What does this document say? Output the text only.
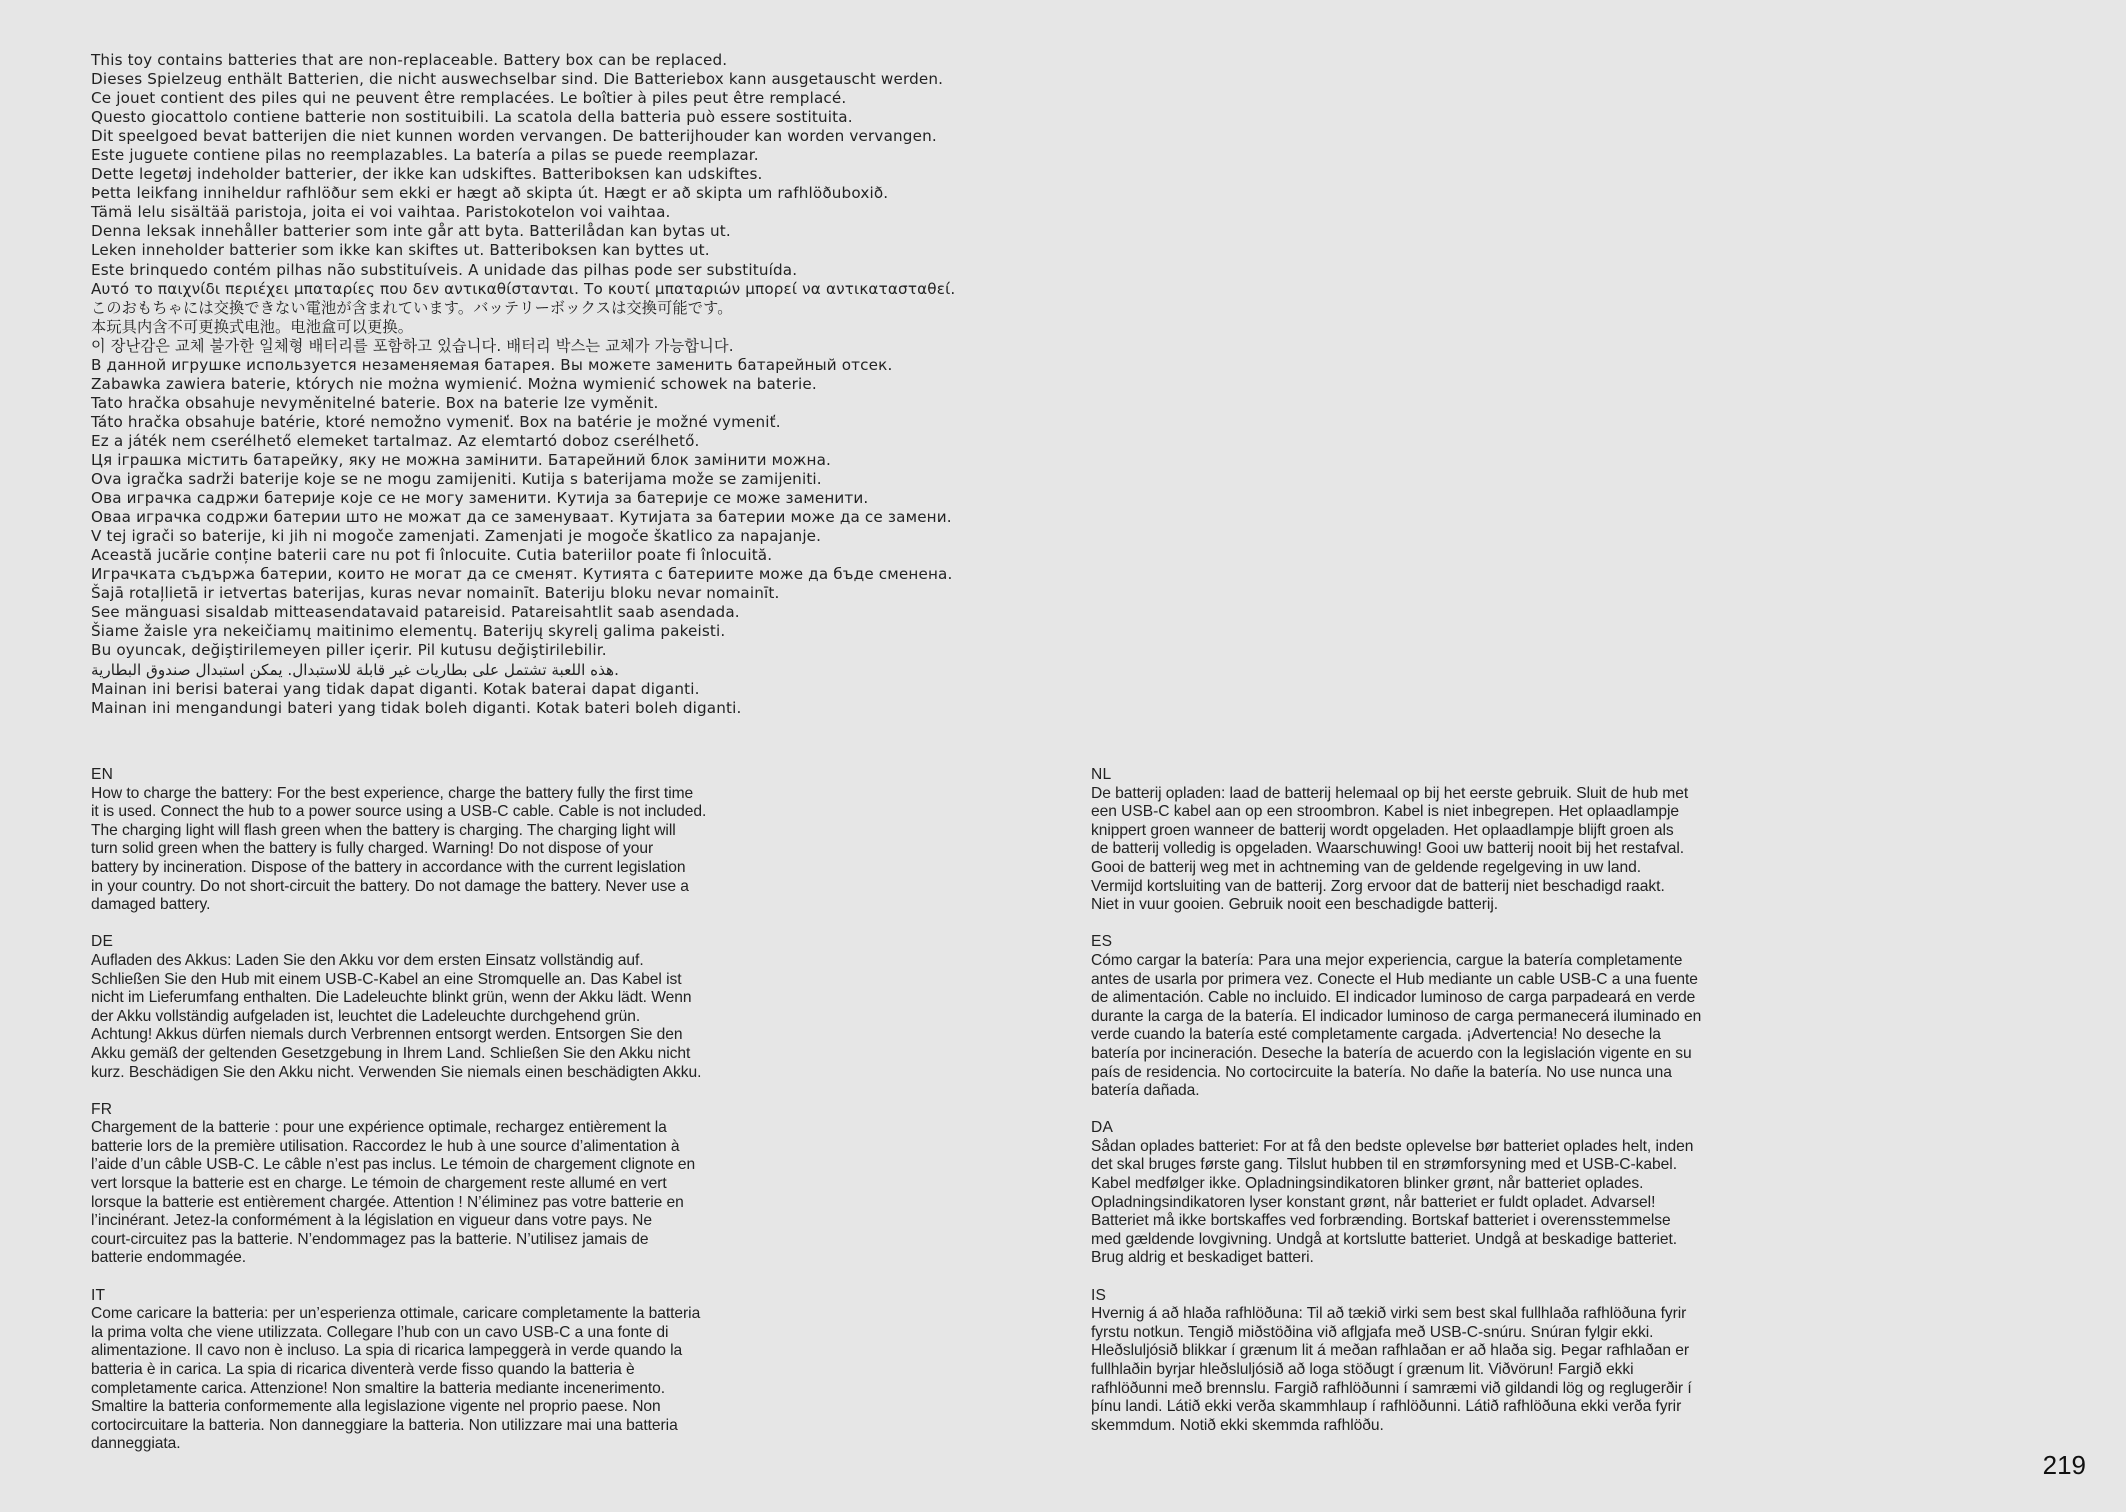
This toy contains batteries that are non-replaceable. Battery box can be replaced.
Dieses Spielzeug enthält Batterien, die nicht auswechselbar sind. Die Batteriebox kann ausgetauscht werden.
Ce jouet contient des piles qui ne peuvent être remplacées. Le boîtier à piles peut être remplacé.
Questo giocattolo contiene batterie non sostituibili. La scatola della batteria può essere sostituita.
Dit speelgoed bevat batterijen die niet kunnen worden vervangen. De batterijhouder kan worden vervangen.
Este juguete contiene pilas no reemplazables. La batería a pilas se puede reemplazar.
Dette legetøj indeholder batterier, der ikke kan udskiftes. Batteriboksen kan udskiftes.
Þetta leikfang inniheldur rafhlöður sem ekki er hægt að skipta út. Hægt er að skipta um rafhlöðuboxið.
Tämä lelu sisältää paristoja, joita ei voi vaihtaa. Paristokotelon voi vaihtaa.
Denna leksak innehåller batterier som inte går att byta. Batterilådan kan bytas ut.
Leken inneholder batterier som ikke kan skiftes ut. Batteriboksen kan byttes ut.
Este brinquedo contém pilhas não substituíveis. A unidade das pilhas pode ser substituída.
Αυτό το παιχνίδι περιέχει μπαταρίες που δεν αντικαθίστανται. Το κουτί μπαταριών μπορεί να αντικατασταθεί.
このおもちゃには交換できない電池が含まれています。バッテリーボックスは交換可能です。
本玩具内含不可更换式电池。电池盒可以更换。
이 장난감은 교체 불가한 일체형 배터리를 포함하고 있습니다. 배터리 박스는 교체가 가능합니다.
В данной игрушке используется незаменяемая батарея. Вы можете заменить батарейный отсек.
Zabawka zawiera baterie, których nie można wymienić. Można wymienić schowek na baterie.
Tato hračka obsahuje nevyměnitelné baterie. Box na baterie lze vyměnit.
Táto hračka obsahuje batérie, ktoré nemožno vymeniť. Box na batérie je možné vymeniť.
Ez a játék nem cserélhető elemeket tartalmaz. Az elemtartó doboz cserélhető.
Ця іграшка містить батарейку, яку не можна замінити. Батарейний блок замінити можна.
Ova igračka sadrži baterije koje se ne mogu zamijeniti. Kutija s baterijama može se zamijeniti.
Ова играчка садржи батерије које се не могу заменити. Кутија за батерије се може заменити.
Оваа играчка содржи батерии што не можат да се заменуваат. Кутијата за батерии може да се замени.
V tej igrači so baterije, ki jih ni mogoče zamenjati. Zamenjati je mogoče škatlico za napajanje.
Această jucărie conține baterii care nu pot fi înlocuite. Cutia bateriilor poate fi înlocuită.
Играчката съдържа батерии, които не могат да се сменят. Кутията с батериите може да бъде сменена.
Šajā rotaļlietā ir ietvertas baterijas, kuras nevar nomainīt. Bateriju bloku nevar nomainīt.
See mänguasi sisaldab mitteasendatavaid patareisid. Patareisahtlit saab asendada.
Šiame žaisle yra nekeičiamų maitinimo elementų. Baterijų skyrelį galima pakeisti.
Bu oyuncak, değiştirilemeyen piller içerir. Pil kutusu değiştirilebilir.
هذه اللعبة تشتمل على بطاريات غير قابلة للاستبدال. يمكن استبدال صندوق البطارية.
Mainan ini berisi baterai yang tidak dapat diganti. Kotak baterai dapat diganti.
Mainan ini mengandungi bateri yang tidak boleh diganti. Kotak bateri boleh diganti.
EN
How to charge the battery: For the best experience, charge the battery fully the first time
it is used. Connect the hub to a power source using a USB-C cable. Cable is not included.
The charging light will flash green when the battery is charging. The charging light will
turn solid green when the battery is fully charged. Warning! Do not dispose of your
battery by incineration. Dispose of the battery in accordance with the current legislation
in your country. Do not short-circuit the battery. Do not damage the battery. Never use a
damaged battery.
DE
Aufladen des Akkus: Laden Sie den Akku vor dem ersten Einsatz vollständig auf.
Schließen Sie den Hub mit einem USB-C-Kabel an eine Stromquelle an. Das Kabel ist
nicht im Lieferumfang enthalten. Die Ladeleuchte blinkt grün, wenn der Akku lädt. Wenn
der Akku vollständig aufgeladen ist, leuchtet die Ladeleuchte durchgehend grün.
Achtung! Akkus dürfen niemals durch Verbrennen entsorgt werden. Entsorgen Sie den
Akku gemäß der geltenden Gesetzgebung in Ihrem Land. Schließen Sie den Akku nicht
kurz. Beschädigen Sie den Akku nicht. Verwenden Sie niemals einen beschädigten Akku.
FR
Chargement de la batterie : pour une expérience optimale, rechargez entièrement la
batterie lors de la première utilisation. Raccordez le hub à une source d’alimentation à
l’aide d’un câble USB-C. Le câble n’est pas inclus. Le témoin de chargement clignote en
vert lorsque la batterie est en charge. Le témoin de chargement reste allumé en vert
lorsque la batterie est entièrement chargée. Attention ! N’éliminez pas votre batterie en
l’incinérant. Jetez-la conformément à la législation en vigueur dans votre pays. Ne
court-circuitez pas la batterie. N’endommagez pas la batterie. N’utilisez jamais de
batterie endommagée.
IT
Come caricare la batteria: per un’esperienza ottimale, caricare completamente la batteria
la prima volta che viene utilizzata. Collegare l’hub con un cavo USB-C a una fonte di
alimentazione. Il cavo non è incluso. La spia di ricarica lampeggerà in verde quando la
batteria è in carica. La spia di ricarica diventerà verde fisso quando la batteria è
completamente carica. Attenzione! Non smaltire la batteria mediante incenerimento.
Smaltire la batteria conformemente alla legislazione vigente nel proprio paese. Non
cortocircuitare la batteria. Non danneggiare la batteria. Non utilizzare mai una batteria
danneggiata.
NL
De batterij opladen: laad de batterij helemaal op bij het eerste gebruik. Sluit de hub met
een USB-C kabel aan op een stroombron. Kabel is niet inbegrepen. Het oplaadlampje
knippert groen wanneer de batterij wordt opgeladen. Het oplaadlampje blijft groen als
de batterij volledig is opgeladen. Waarschuwing! Gooi uw batterij nooit bij het restafval.
Gooi de batterij weg met in achtneming van de geldende regelgeving in uw land.
Vermijd kortsluiting van de batterij. Zorg ervoor dat de batterij niet beschadigd raakt.
Niet in vuur gooien. Gebruik nooit een beschadigde batterij.
ES
Cómo cargar la batería: Para una mejor experiencia, cargue la batería completamente
antes de usarla por primera vez. Conecte el Hub mediante un cable USB-C a una fuente
de alimentación. Cable no incluido. El indicador luminoso de carga parpadeará en verde
durante la carga de la batería. El indicador luminoso de carga permanecerá iluminado en
verde cuando la batería esté completamente cargada. ¡Advertencia! No deseche la
batería por incineración. Deseche la batería de acuerdo con la legislación vigente en su
país de residencia. No cortocircuite la batería. No dañe la batería. No use nunca una
batería dañada.
DA
Sådan oplades batteriet: For at få den bedste oplevelse bør batteriet oplades helt, inden
det skal bruges første gang. Tilslut hubben til en strømforsyning med et USB-C-kabel.
Kabel medfølger ikke. Opladningsindikatoren blinker grønt, når batteriet oplades.
Opladningsindikatoren lyser konstant grønt, når batteriet er fuldt opladet. Advarsel!
Batteriet må ikke bortskaffes ved forbrænding. Bortskaf batteriet i overensstemmelse
med gældende lovgivning. Undgå at kortslutte batteriet. Undgå at beskadige batteriet.
Brug aldrig et beskadiget batteri.
IS
Hvernig á að hlaða rafhlöðuna: Til að tækið virki sem best skal fullhlaða rafhlöðuna fyrir
fyrstu notkun. Tengið miðstöðina við aflgjafa með USB-C-snúru. Snúran fylgir ekki.
Hleðsluljósið blikkar í grænum lit á meðan rafhlaðan er að hlaða sig. Þegar rafhlaðan er
fullhlaðin byrjar hleðsluljósið að loga stöðugt í grænum lit. Viðvörun! Fargið ekki
rafhlöðunni með brennslu. Fargið rafhlöðunni í samræmi við gildandi lög og reglugerðir í
þínu landi. Látið ekki verða skammhlaup í rafhlöðunni. Látið rafhlöðuna ekki verða fyrir
skemmdum. Notið ekki skemmda rafhlöðu.
219
